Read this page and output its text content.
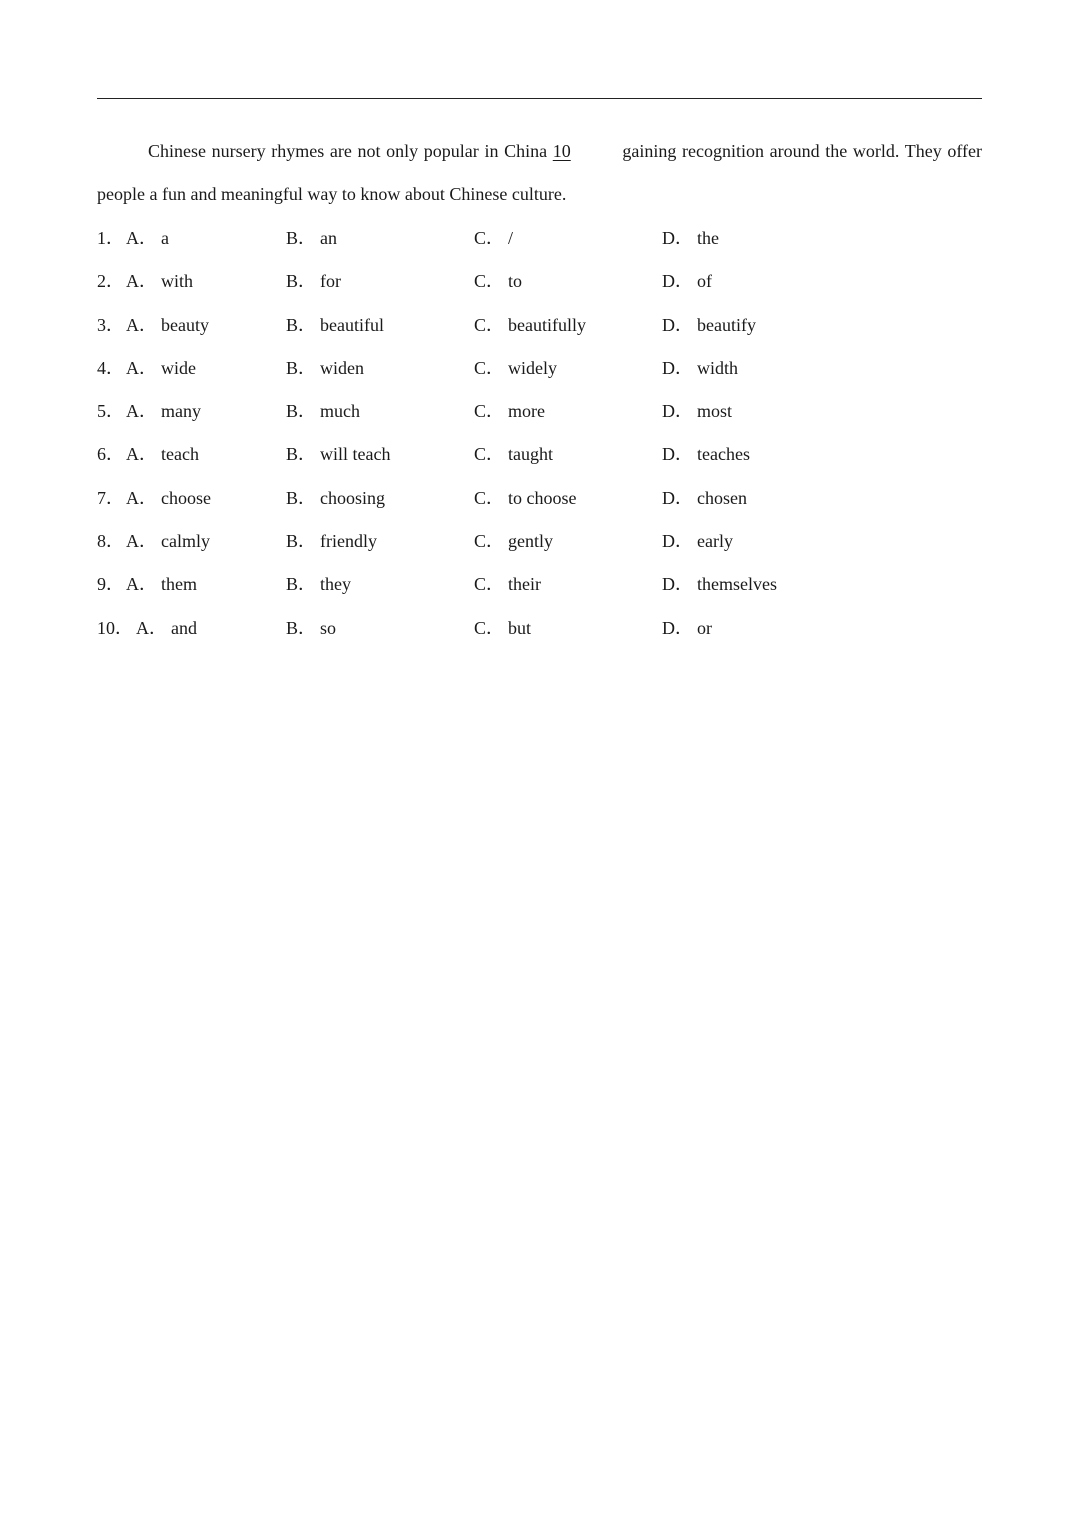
Chinese nursery rhymes are not only popular in China 10	gaining recognition around the world. They offer people a fun and meaningful way to know about Chinese culture.
1． A． a	B． an	C． /	D． the
2． A． with	B． for	C． to	D． of
3． A． beauty	B． beautiful	C． beautifully	D． beautify
4． A． wide	B． widen	C． widely	D． width
5． A． many	B． much	C． more	D． most
6． A． teach	B． will teach	C． taught	D． teaches
7． A． choose	B． choosing	C． to choose	D． chosen
8． A． calmly	B． friendly	C． gently	D． early
9． A． them	B． they	C． their	D． themselves
10． A． and	B． so	C． but	D． or
